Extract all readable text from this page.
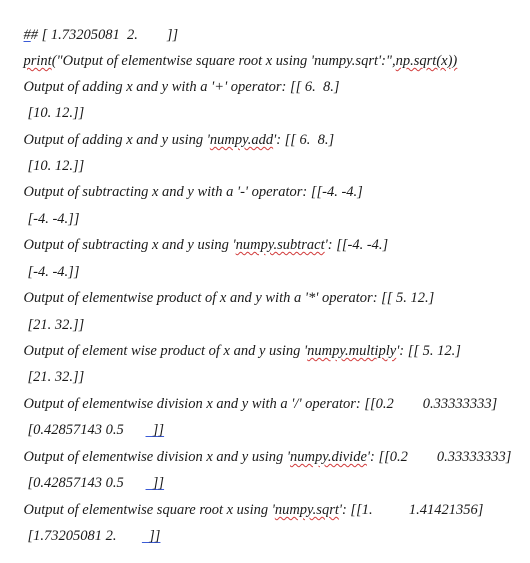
## [ 1.73205081  2.        ]]

print("Output of elementwise square root x using 'numpy.sqrt':",np.sqrt(x))

Output of adding x and y with a '+' operator: [[ 6.  8.]

[10. 12.]]

Output of adding x and y using 'numpy.add': [[ 6.  8.]

[10. 12.]]

Output of subtracting x and y with a '-' operator: [[-4. -4.]

[-4. -4.]]

Output of subtracting x and y using 'numpy.subtract': [[-4. -4.]

[-4. -4.]]

Output of elementwise product of x and y with a '*' operator: [[ 5. 12.]

[21. 32.]]

Output of element wise product of x and y using 'numpy.multiply': [[ 5. 12.]

[21. 32.]]

Output of elementwise division x and y with a '/' operator: [[0.2        0.33333333]

[0.42857143 0.5        ]]

Output of elementwise division x and y using 'numpy.divide': [[0.2        0.33333333]

[0.42857143 0.5        ]]

Output of elementwise square root x using 'numpy.sqrt': [[1.          1.41421356]

[1.73205081 2.         ]]
